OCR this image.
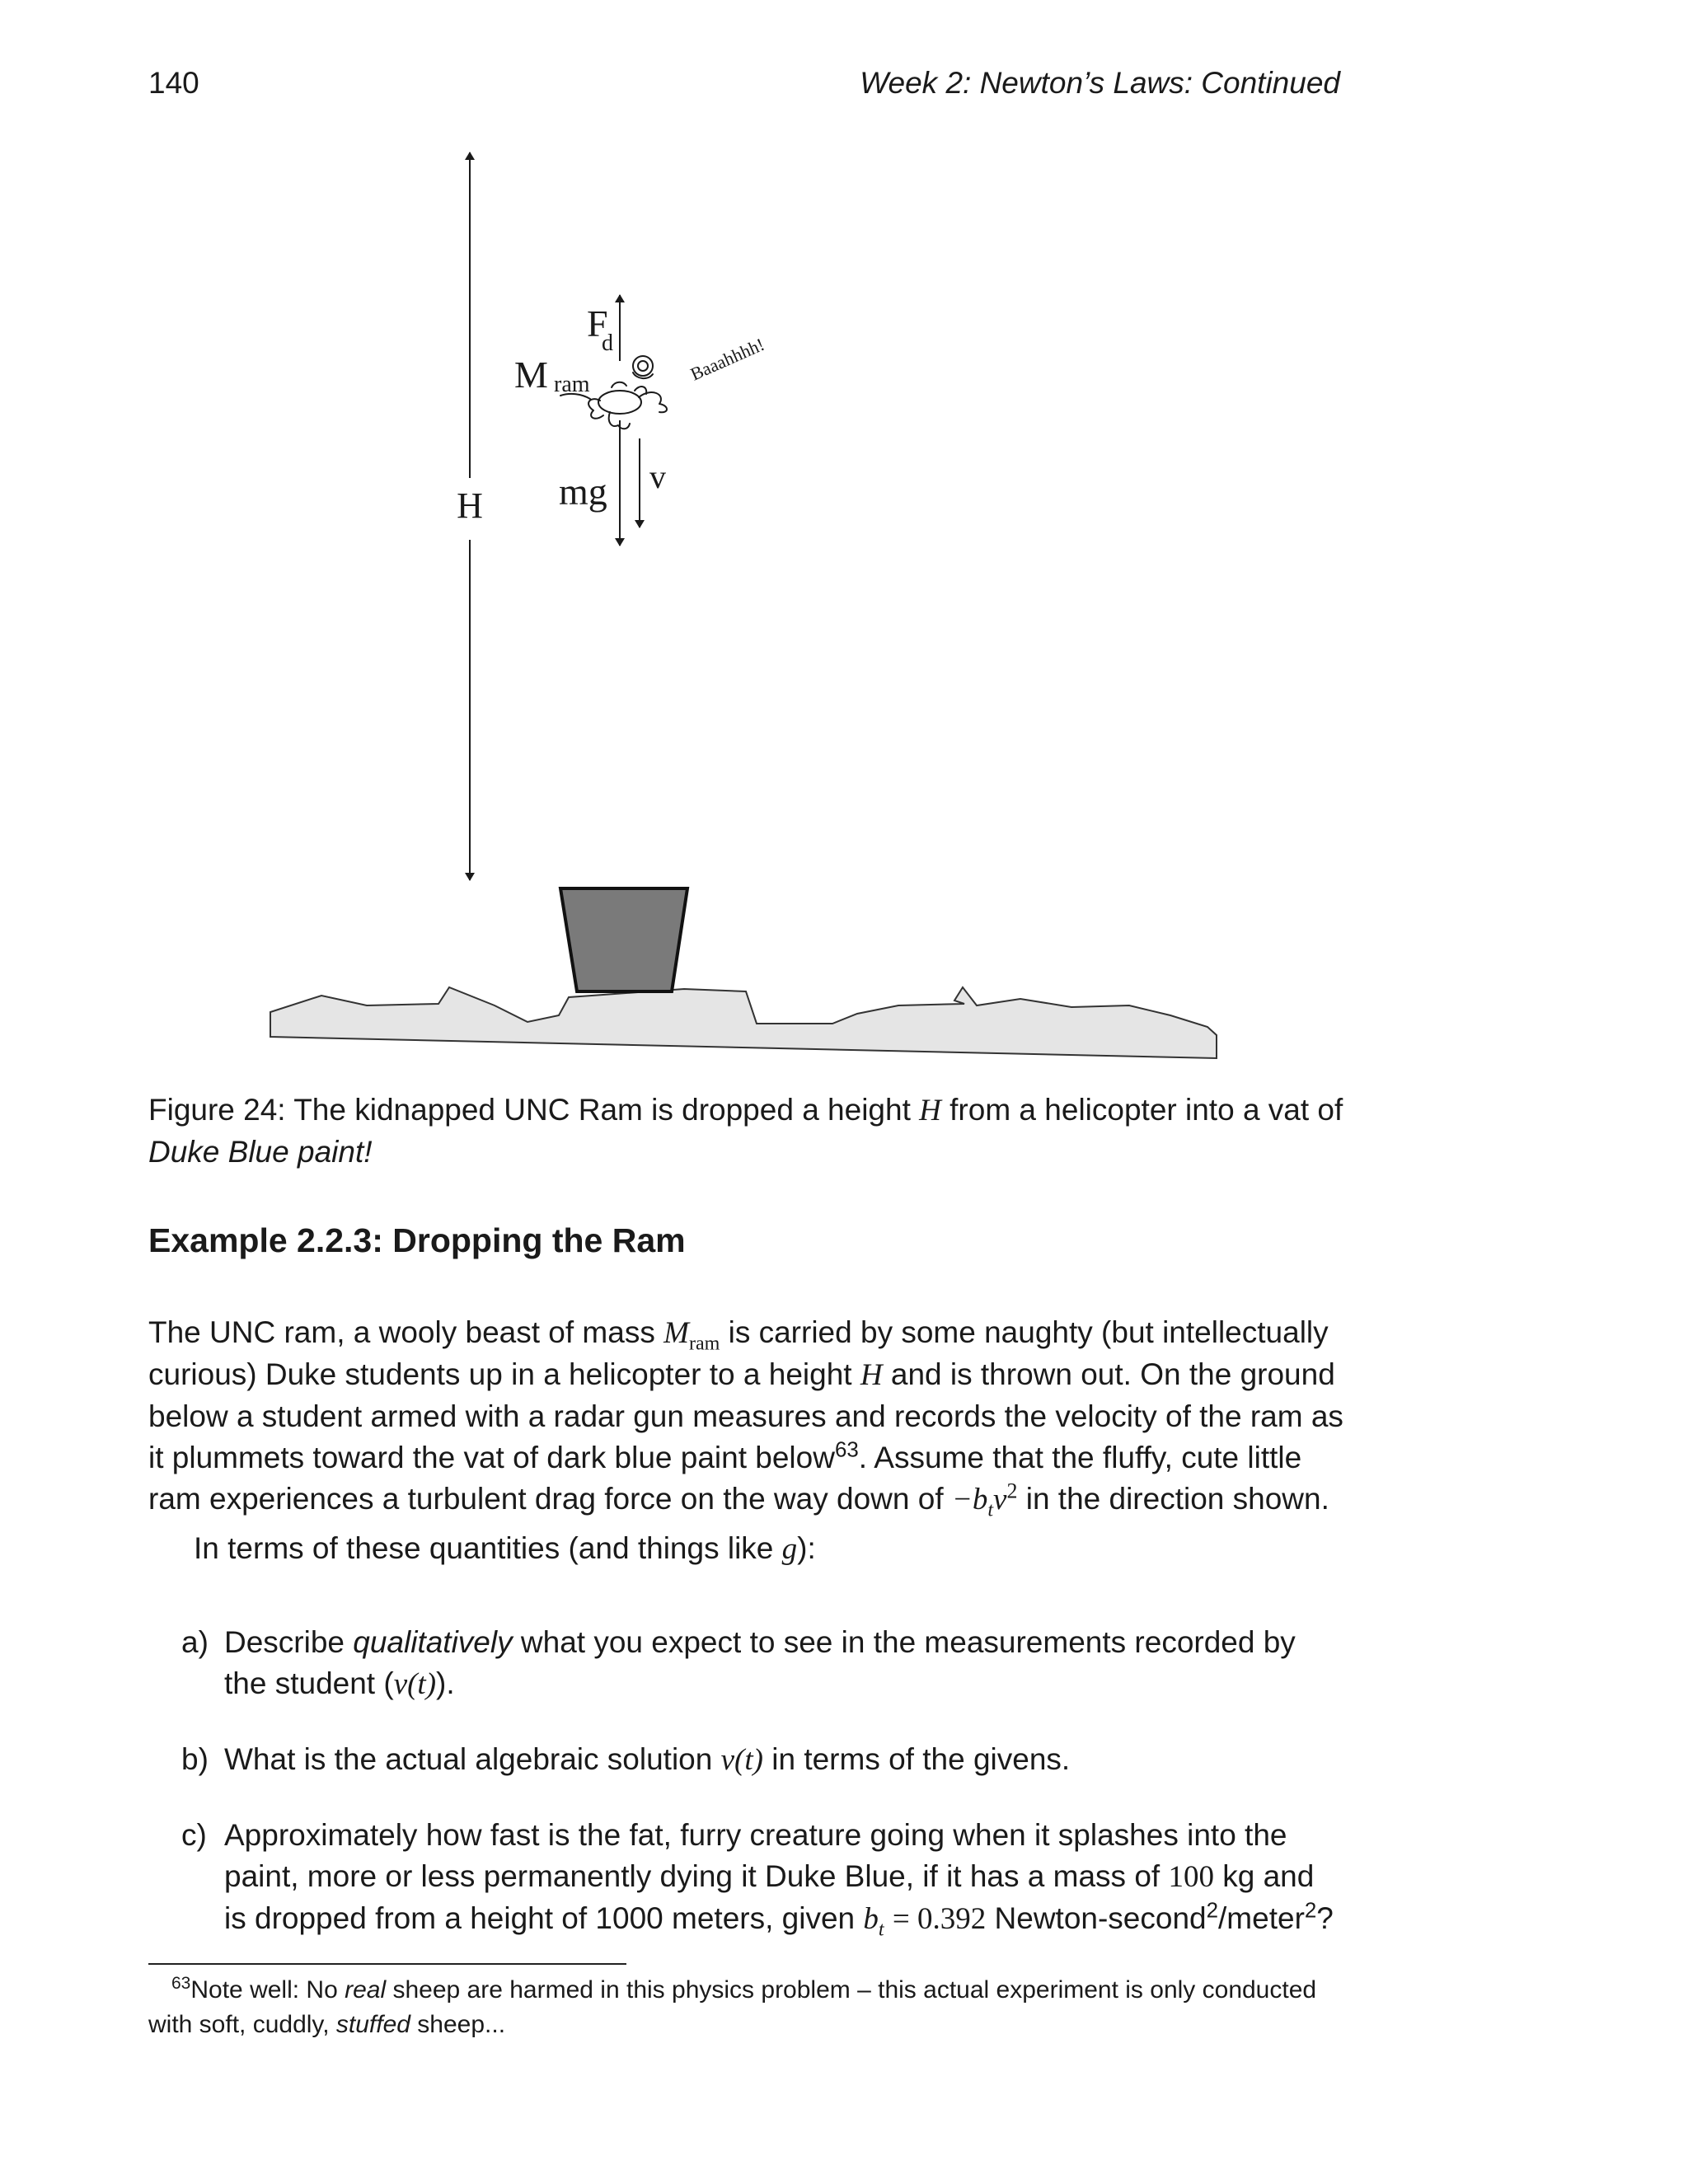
140	Week 2: Newton’s Laws: Continued
H
F
d
M ram	Baaahhhh!
mg v
Figure 24: The kidnapped UNC Ram is dropped a height H from a helicopter into a vat of Duke Blue paint!
Example 2.2.3: Dropping the Ram
The UNC ram, a wooly beast of mass $M_{ram}$ is carried by some naughty (but intellectually curious) Duke students up in a helicopter to a height H and is thrown out. On the ground below a student armed with a radar gun measures and records the velocity of the ram as it plummets toward the vat of dark blue paint below$^{63}$. Assume that the fluffy, cute little ram experiences a turbulent drag force on the way down of $-b_tv^2$ in the direction shown.
In terms of these quantities (and things like g):
a) Describe qualitatively what you expect to see in the measurements recorded by the student (v(t)).
b) What is the actual algebraic solution v(t) in terms of the givens.
c) Approximately how fast is the fat, furry creature going when it splashes into the paint, more or less permanently dying it Duke Blue, if it has a mass of 100 kg and is dropped from a height of 1000 meters, given $b_t = 0.392$ Newton-second$^2$/meter$^2$?
$^{63}$Note well: No real sheep are harmed in this physics problem – this actual experiment is only conducted with soft, cuddly, stuffed sheep...
